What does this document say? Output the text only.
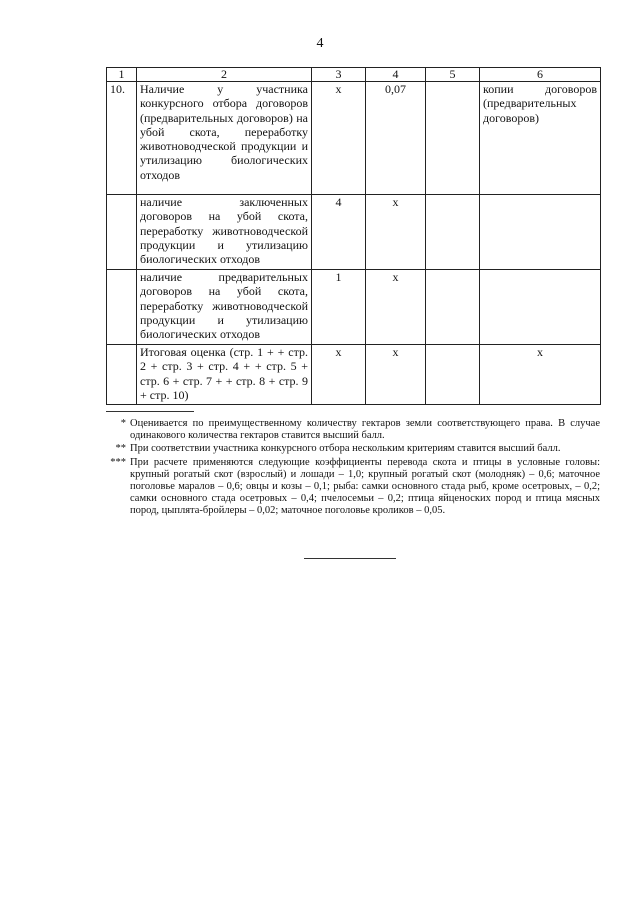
4
1	2	3	4	5	6
10.	Наличие у участника конкурсного отбора договоров (предварительных договоров) на убой скота, переработку животноводческой продукции и утилизацию биологических отходов	х	0,07		копии договоров (предварительных договоров)
	наличие заключенных договоров на убой скота, переработку животноводческой продукции и утилизацию биологических отходов	4	х		
	наличие предварительных договоров на убой скота, переработку животноводческой продукции и утилизацию биологических отходов	1	х		
	Итоговая оценка (стр. 1 + + стр. 2 + стр. 3 + стр. 4 + + стр. 5 + стр. 6 + стр. 7 + + стр. 8 + стр. 9 + стр. 10)	х	х		х
* Оценивается по преимущественному количеству гектаров земли соответствующего права. В случае одинакового количества гектаров ставится высший балл.
** При соответствии участника конкурсного отбора нескольким критериям ставится высший балл.
*** При расчете применяются следующие коэффициенты перевода скота и птицы в условные головы: крупный рогатый скот (взрослый) и лошади – 1,0; крупный рогатый скот (молодняк) – 0,6; маточное поголовье маралов – 0,6; овцы и козы – 0,1; рыба: самки основного стада рыб, кроме осетровых, – 0,2; самки основного стада осетровых – 0,4; пчелосемьи – 0,2; птица яйценоских пород и птица мясных пород, цыплята-бройлеры – 0,02; маточное поголовье кроликов – 0,05.
